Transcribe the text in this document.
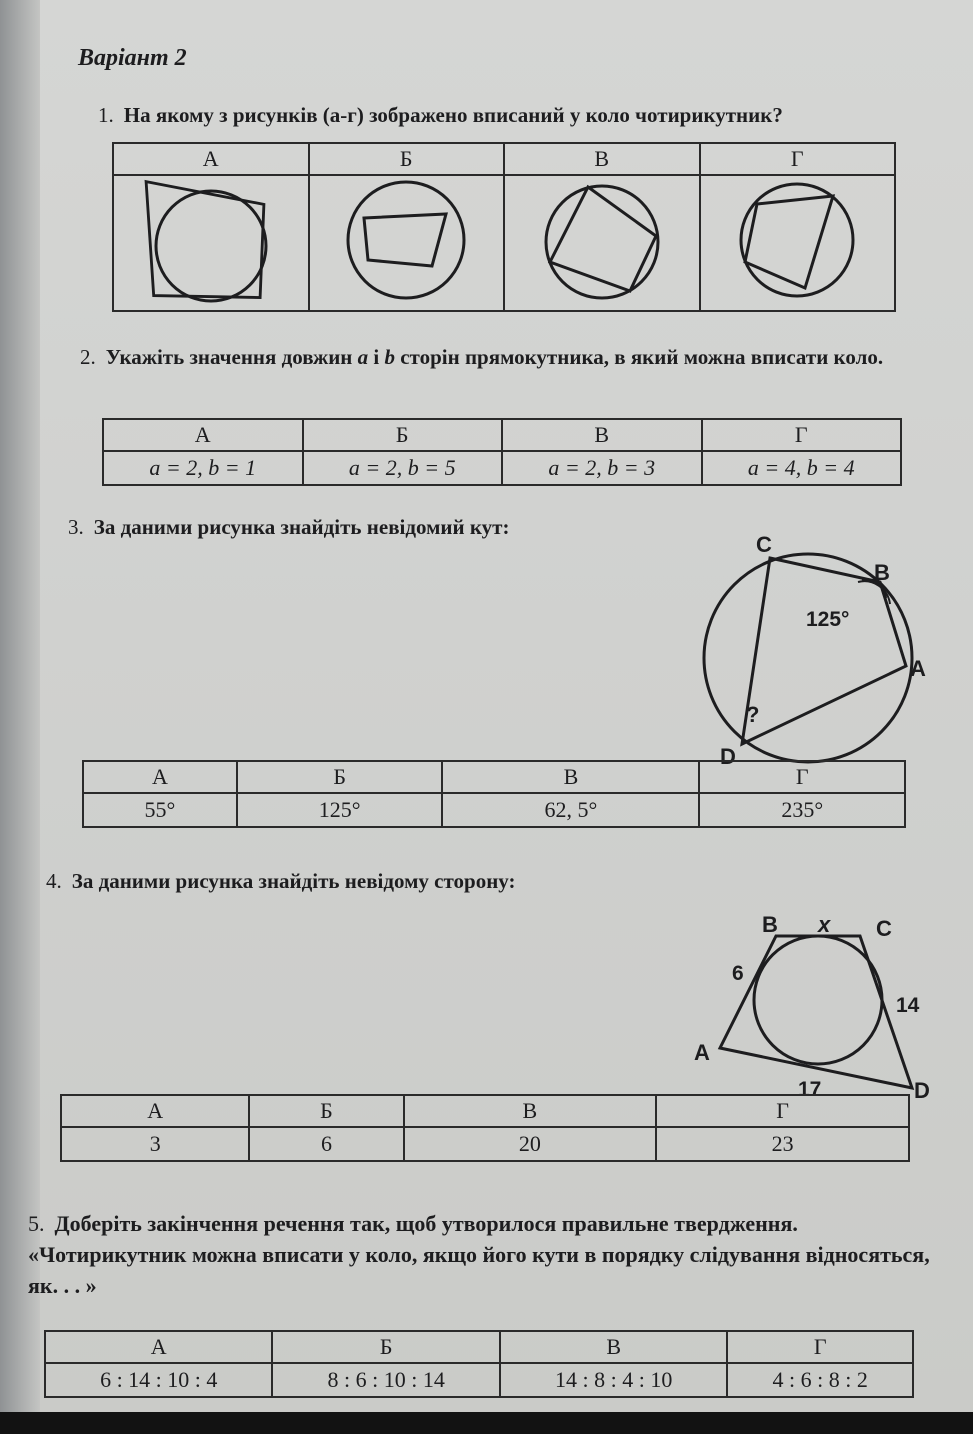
Варіант 2
1. На якому з рисунків (а-г) зображено вписаний у коло чотирикутник?
А	Б	В	Г

2. Укажіть значення довжин a і b сторін прямокутника, в який можна вписати коло.
А	Б	В	Г
a = 2, b = 1	a = 2, b = 5	a = 2, b = 3	a = 4, b = 4
3. За даними рисунка знайдіть невідомий кут:
C
B
A
D
125°
?
А	Б	В	Г
55°	125°	62, 5°	235°
4. За даними рисунка знайдіть невідому сторону:
B	C
A
D
x
6
14
17
А	Б	В	Г
3	6	20	23
5. Доберіть закінчення речення так, щоб утворилося правильне твердження. «Чотирикутник можна вписати у коло, якщо його кути в порядку слідування відносяться, як. . . »
А	Б	В	Г
6 : 14 : 10 : 4	8 : 6 : 10 : 14	14 : 8 : 4 : 10	4 : 6 : 8 : 2
